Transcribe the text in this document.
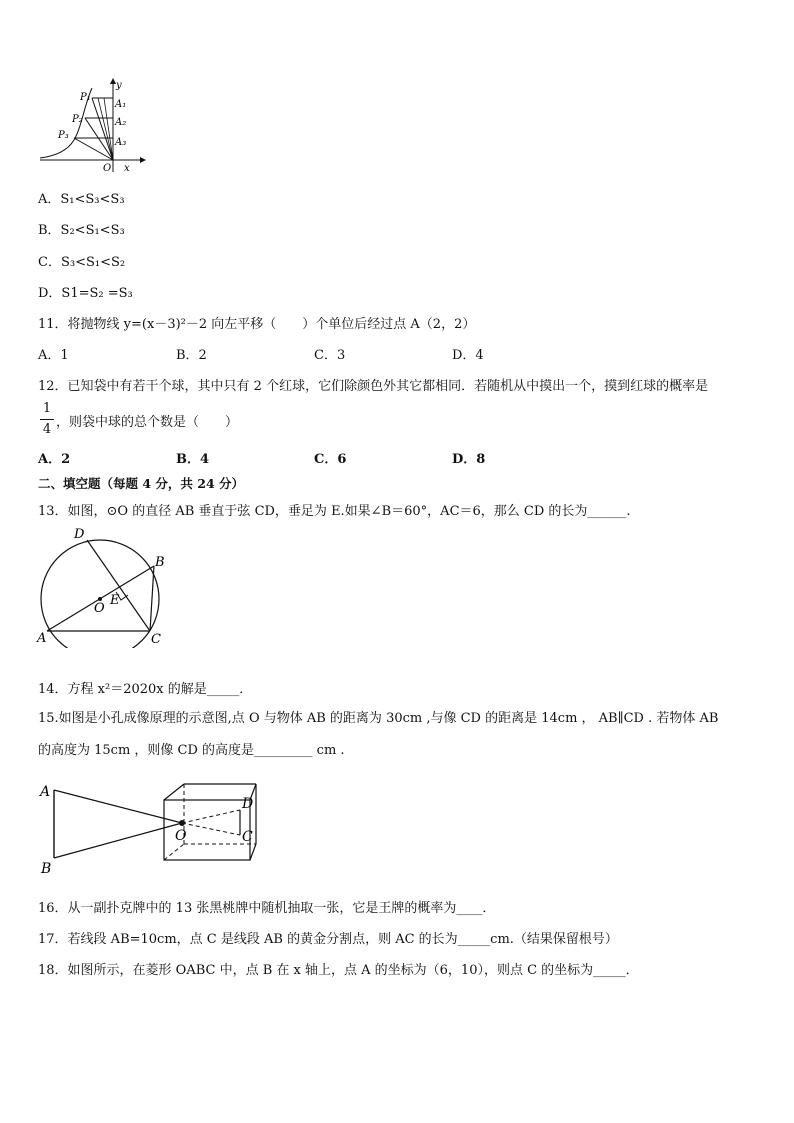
y
P₁
A₁
P₂	A₂
P₃
A₃
O x
A．S₁<S₃<S₃
B．S₂<S₁<S₃
C．S₃<S₁<S₂
D．S1=S₂ =S₃
11．将抛物线 y=(x－3)²－2 向左平移（　　）个单位后经过点 A（2，2）
A．1	B．2	C．3	D．4
12．已知袋中有若干个球，其中只有 2 个红球，它们除颜色外其它都相同．若随机从中摸出一个，摸到红球的概率是
1
4 ，则袋中球的总个数是（　　）
A．2	B．4	C．6	D．8
二、填空题（每题 4 分，共 24 分）
13．如图，⊙O 的直径 AB 垂直于弦 CD，垂足为 E.如果∠B＝60°，AC＝6，那么 CD 的长为______.
D
B
E
O
A	C
14．方程 x²＝2020x 的解是_____．
15.如图是小孔成像原理的示意图,点 O 与物体 AB 的距离为 30cm ,与像 CD 的距离是 14cm ， AB∥CD . 若物体 AB
的高度为 15cm ，则像 CD 的高度是_________ cm .
A
B
O
D
C
16．从一副扑克牌中的 13 张黑桃牌中随机抽取一张，它是王牌的概率为____．
17．若线段 AB=10cm，点 C 是线段 AB 的黄金分割点，则 AC 的长为_____cm.（结果保留根号）
18．如图所示，在菱形 OABC 中，点 B 在 x 轴上，点 A 的坐标为（6，10），则点 C 的坐标为_____．
